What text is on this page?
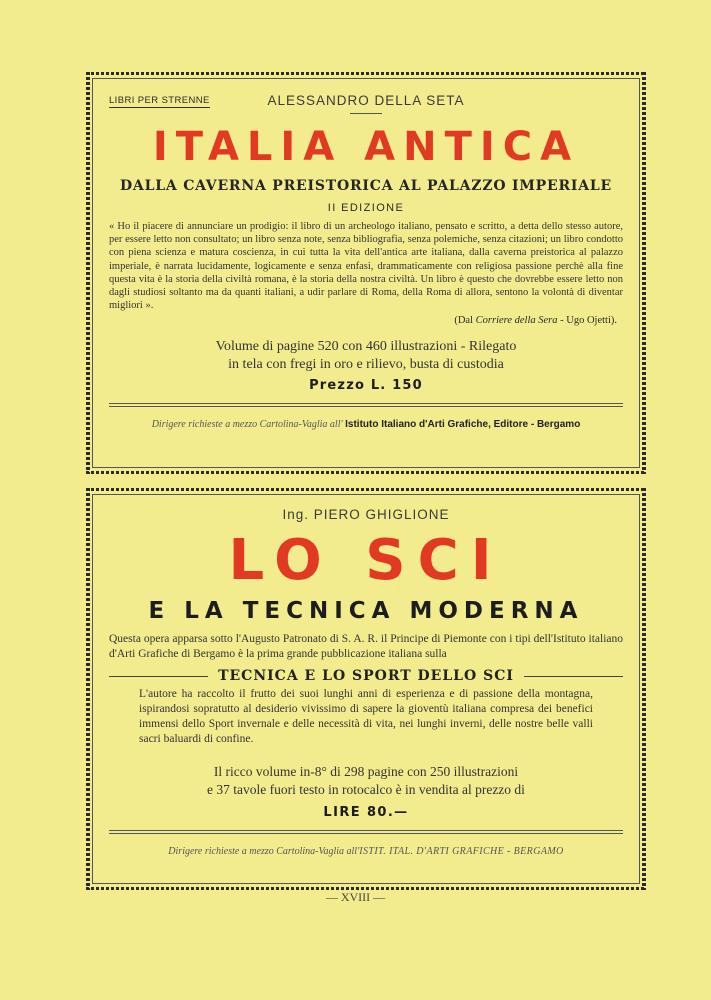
LIBRI PER STRENNE	ALESSANDRO DELLA SETA
ITALIA ANTICA
DALLA CAVERNA PREISTORICA AL PALAZZO IMPERIALE
II EDIZIONE
« Ho il piacere di annunciare un prodigio: il libro di un archeologo italiano, pensato e scritto, a detta dello stesso autore, per essere letto non consultato; un libro senza note, senza bibliografia, senza polemiche, senza citazioni; un libro condotto con piena scienza e matura coscienza, in cui tutta la vita dell'antica arte italiana, dalla caverna preistorica al palazzo imperiale, è narrata lucidamente, logicamente e senza enfasi, drammaticamente con religiosa passione perchè alla fine questa vita è la storia della civiltà romana, è la storia della nostra civiltà. Un libro è questo che dovrebbe essere letto non dagli studiosi soltanto ma da quanti italiani, a udir parlare di Roma, della Roma di allora, sentono la volontà di diventar migliori ».
(Dal Corriere della Sera - Ugo Ojetti).
Volume di pagine 520 con 460 illustrazioni - Rilegato
in tela con fregi in oro e rilievo, busta di custodia
Prezzo L. 150
Dirigere richieste a mezzo Cartolina-Vaglia all' Istituto Italiano d'Arti Grafiche, Editore - Bergamo
Ing. PIERO GHIGLIONE
LO SCI
E LA TECNICA MODERNA
Questa opera apparsa sotto l'Augusto Patronato di S. A. R. il Principe di Piemonte con i tipi dell'Istituto italiano d'Arti Grafiche di Bergamo è la prima grande pubblicazione italiana sulla
TECNICA E LO SPORT DELLO SCI
L'autore ha raccolto il frutto dei suoi lunghi anni di esperienza e di passione della montagna, ispirandosi sopratutto al desiderio vivissimo di sapere la gioventù italiana compresa dei benefici immensi dello Sport invernale e delle necessità di vita, nei lunghi inverni, delle nostre belle valli sacri baluardi di confine.
Il ricco volume in-8° di 298 pagine con 250 illustrazioni
e 37 tavole fuori testo in rotocalco è in vendita al prezzo di
LIRE 80.—
Dirigere richieste a mezzo Cartolina-Vaglia all'ISTIT. ITAL. D'ARTI GRAFICHE - BERGAMO
— XVIII —
